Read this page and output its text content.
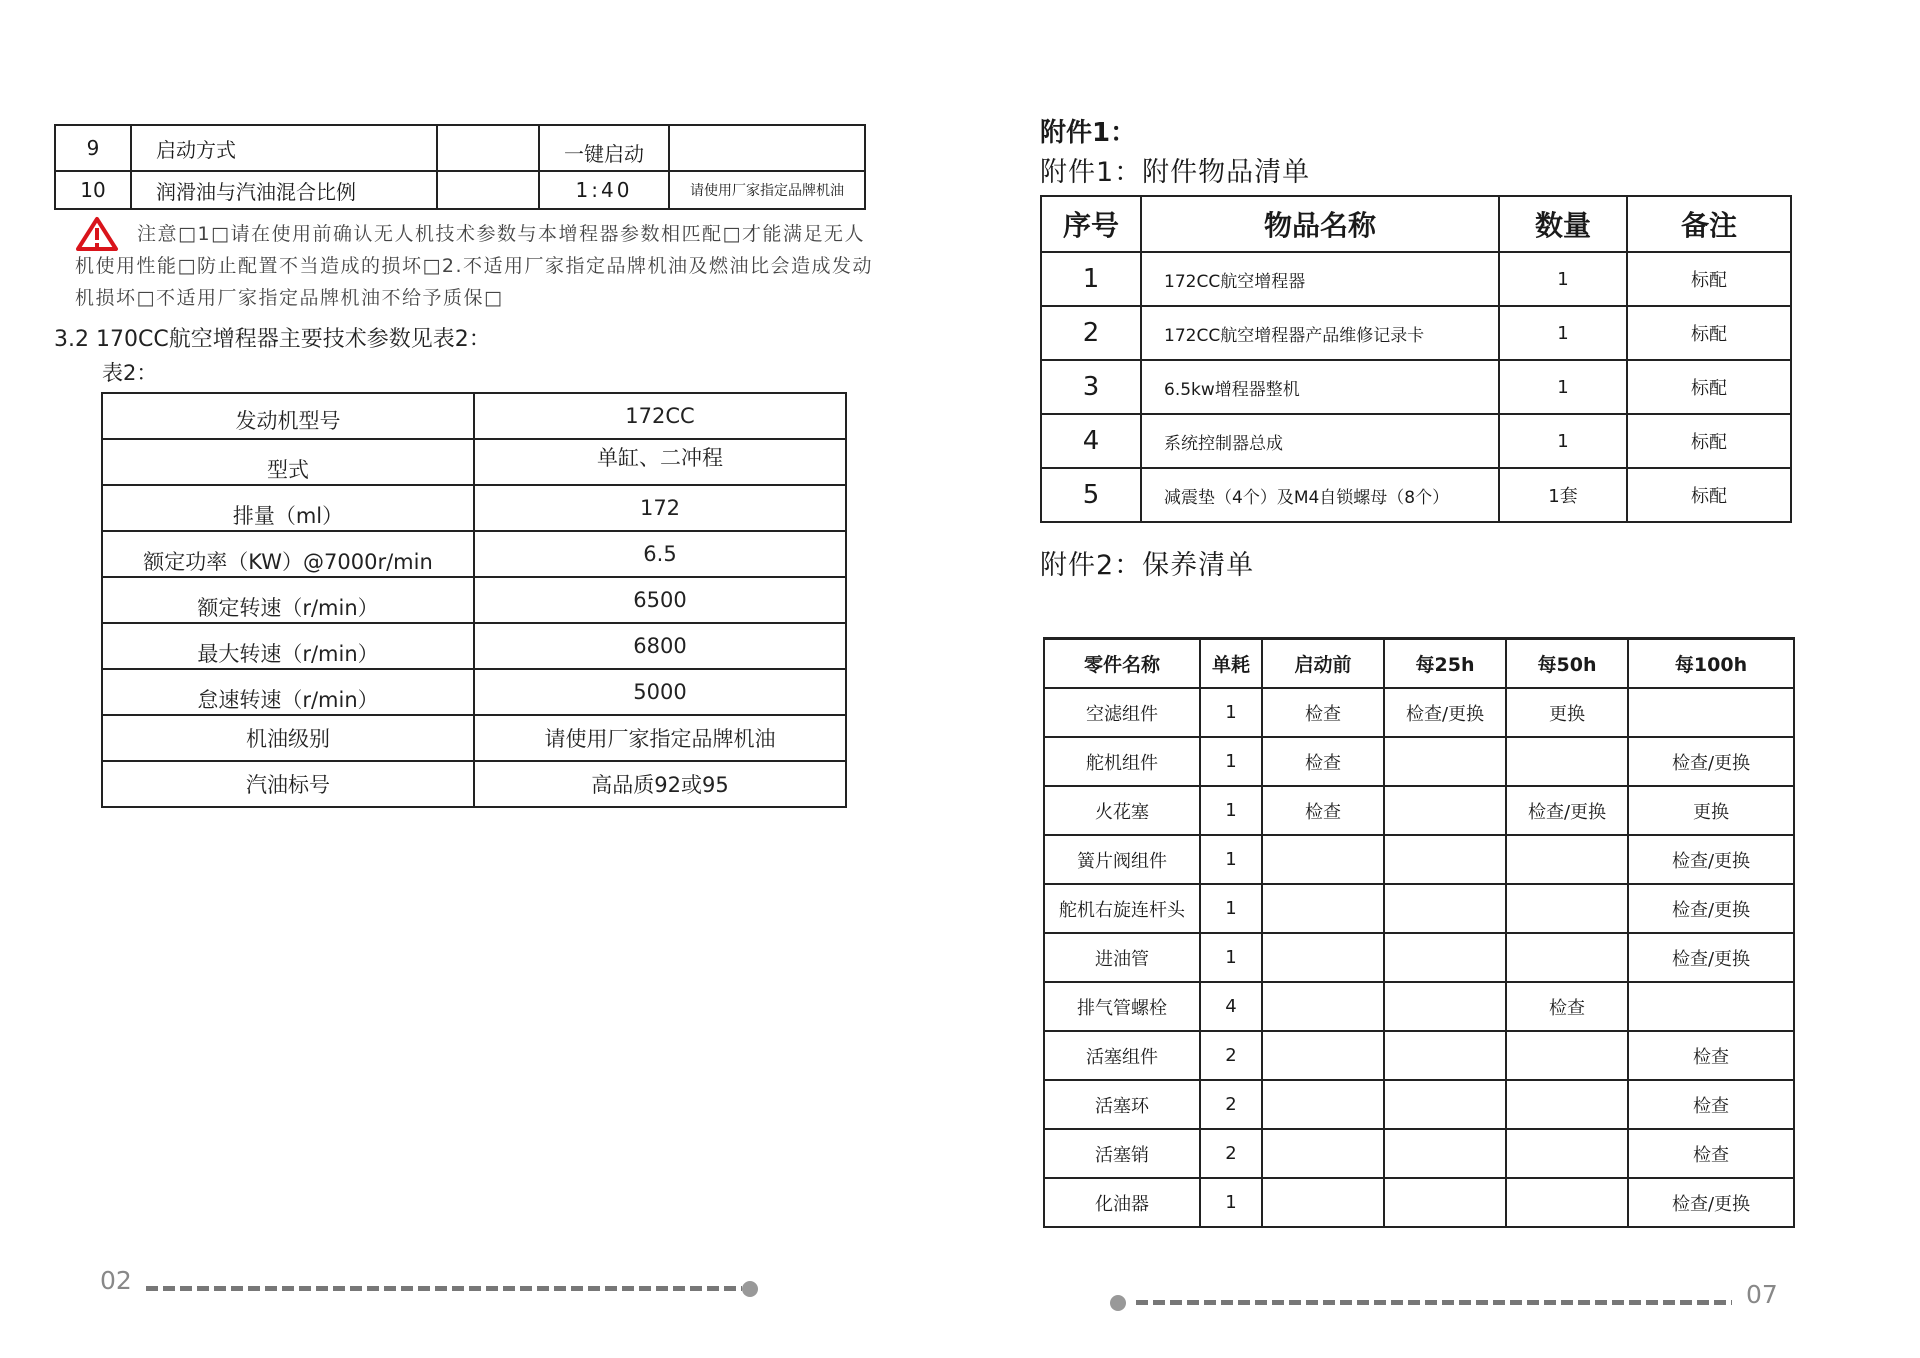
9	启动方式		一键启动	
10	润滑油与汽油混合比例		1:40	请使用厂家指定品牌机油

注意□1□请在使用前确认无人机技术参数与本增程器参数相匹配□才能满足无人机使用性能□防止配置不当造成的损坏□2.不适用厂家指定品牌机油及燃油比会造成发动机损坏□不适用厂家指定品牌机油不给予质保□

3.2 170CC航空增程器主要技术参数见表2：
表2：
发动机型号	172CC
型式	单缸、二冲程
排量（ml）	172
额定功率（KW）@7000r/min	6.5
额定转速（r/min）	6500
最大转速（r/min）	6800
怠速转速（r/min）	5000
机油级别	请使用厂家指定品牌机油
汽油标号	高品质92或95
02
附件1：
附件1：附件物品清单
序号	物品名称	数量	备注
1	172CC航空增程器	1	标配
2	172CC航空增程器产品维修记录卡	1	标配
3	6.5kw增程器整机	1	标配
4	系统控制器总成	1	标配
5	减震垫（4个）及M4自锁螺母（8个）	1套	标配
附件2：保养清单
零件名称	单耗	启动前	每25h	每50h	每100h
空滤组件	1	检查	检查/更换	更换	
舵机组件	1	检查			检查/更换
火花塞	1	检查		检查/更换	更换
簧片阀组件	1				检查/更换
舵机右旋连杆头	1				检查/更换
进油管	1				检查/更换
排气管螺栓	4			检查	
活塞组件	2				检查
活塞环	2				检查
活塞销	2				检查
化油器	1				检查/更换
07
